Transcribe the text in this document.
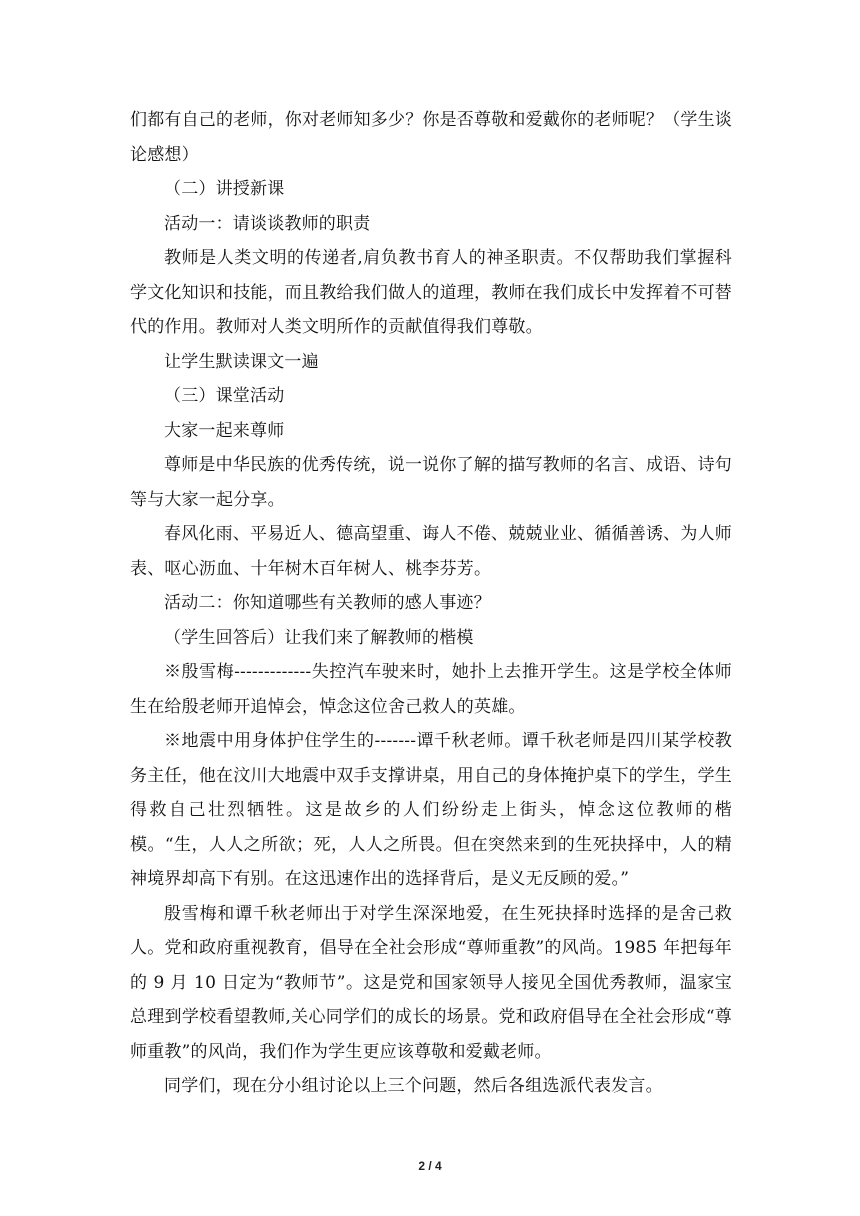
们都有自己的老师，你对老师知多少？你是否尊敬和爱戴你的老师呢？（学生谈论感想）

（二）讲授新课

活动一：请谈谈教师的职责

教师是人类文明的传递者,肩负教书育人的神圣职责。不仅帮助我们掌握科学文化知识和技能，而且教给我们做人的道理，教师在我们成长中发挥着不可替代的作用。教师对人类文明所作的贡献值得我们尊敬。

让学生默读课文一遍

（三）课堂活动

大家一起来尊师

尊师是中华民族的优秀传统，说一说你了解的描写教师的名言、成语、诗句等与大家一起分享。

春风化雨、平易近人、德高望重、诲人不倦、兢兢业业、循循善诱、为人师表、呕心沥血、十年树木百年树人、桃李芬芳。

活动二：你知道哪些有关教师的感人事迹？

（学生回答后）让我们来了解教师的楷模

※殷雪梅-------------失控汽车驶来时，她扑上去推开学生。这是学校全体师生在给殷老师开追悼会，悼念这位舍己救人的英雄。

※地震中用身体护住学生的-------谭千秋老师。谭千秋老师是四川某学校教务主任，他在汶川大地震中双手支撑讲桌，用自己的身体掩护桌下的学生，学生得救自己壮烈牺牲。这是故乡的人们纷纷走上街头，悼念这位教师的楷模。“生，人人之所欲；死，人人之所畏。但在突然来到的生死抉择中，人的精神境界却高下有别。在这迅速作出的选择背后，是义无反顾的爱。”

殷雪梅和谭千秋老师出于对学生深深地爱，在生死抉择时选择的是舍己救人。党和政府重视教育，倡导在全社会形成“尊师重教”的风尚。1985 年把每年的 9 月 10 日定为“教师节”。这是党和国家领导人接见全国优秀教师，温家宝总理到学校看望教师,关心同学们的成长的场景。党和政府倡导在全社会形成“尊师重教”的风尚，我们作为学生更应该尊敬和爱戴老师。

同学们，现在分小组讨论以上三个问题，然后各组选派代表发言。

2 / 4
